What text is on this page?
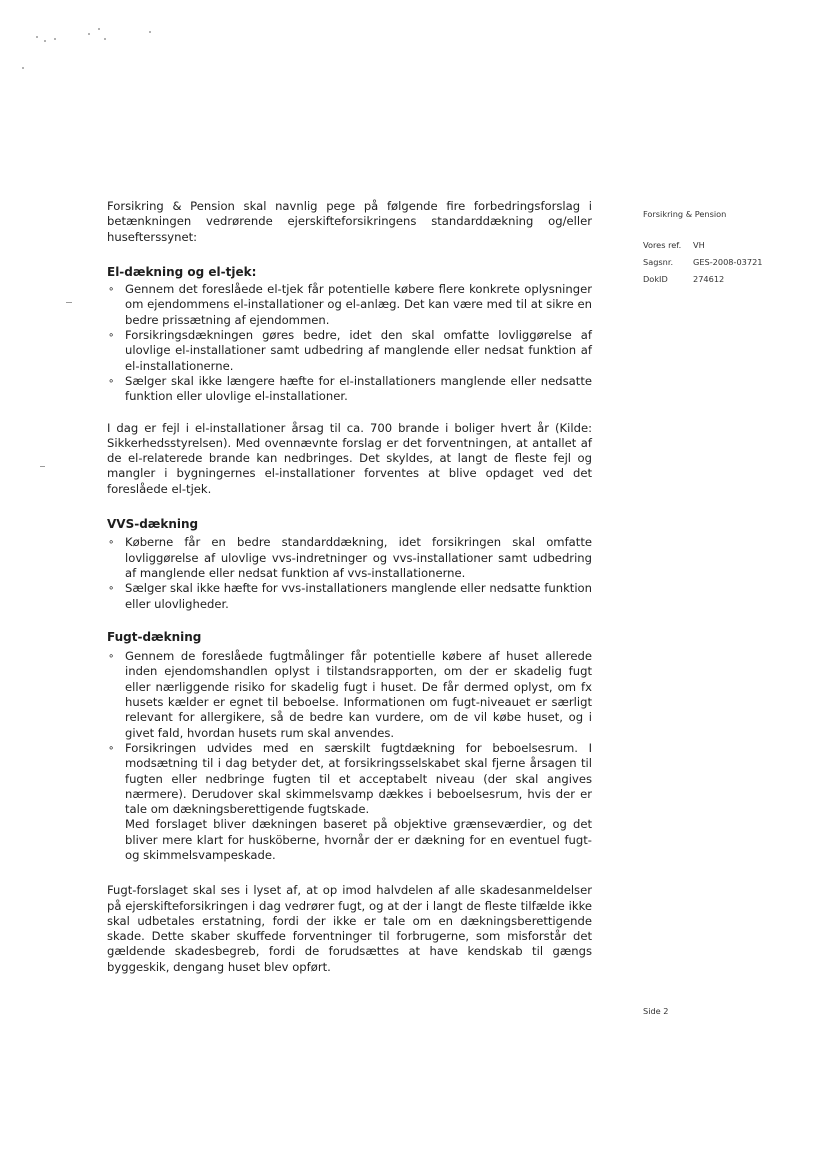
Forsikring & Pension
Vores ref. VH
Sagsnr. GES-2008-03721
DokID	274612
Side 2

Forsikring & Pension skal navnlig pege på følgende fire forbedringsforslag i betænkningen vedrørende ejerskifteforsikringens standarddækning og/eller husefterssynet:

El-dækning og el-tjek:

∘ Gennem det foreslåede el-tjek får potentielle købere flere konkrete oplysninger om ejendommens el-installationer og el-anlæg. Det kan være med til at sikre en bedre prissætning af ejendommen.
∘ Forsikringsdækningen gøres bedre, idet den skal omfatte lovliggørelse af ulovlige el-installationer samt udbedring af manglende eller nedsat funktion af el-installationerne.
∘ Sælger skal ikke længere hæfte for el-installationers manglende eller nedsatte funktion eller ulovlige el-installationer.

I dag er fejl i el-installationer årsag til ca. 700 brande i boliger hvert år (Kilde: Sikkerhedsstyrelsen). Med ovennævnte forslag er det forventningen, at antallet af de el-relaterede brande kan nedbringes. Det skyldes, at langt de fleste fejl og mangler i bygningernes el-installationer forventes at blive opdaget ved det foreslåede el-tjek.

VVS-dækning

∘ Køberne får en bedre standarddækning, idet forsikringen skal omfatte lovliggørelse af ulovlige vvs-indretninger og vvs-installationer samt udbedring af manglende eller nedsat funktion af vvs-installationerne.
∘ Sælger skal ikke hæfte for vvs-installationers manglende eller nedsatte funktion eller ulovligheder.

Fugt-dækning

∘ Gennem de foreslåede fugtmålinger får potentielle købere af huset allerede inden ejendomshandlen oplyst i tilstandsrapporten, om der er skadelig fugt eller nærliggende risiko for skadelig fugt i huset. De får dermed oplyst, om fx husets kælder er egnet til beboelse. Informationen om fugt-niveauet er særligt relevant for allergikere, så de bedre kan vurdere, om de vil købe huset, og i givet fald, hvordan husets rum skal anvendes.
∘ Forsikringen udvides med en særskilt fugtdækning for beboelsesrum. I modsætning til i dag betyder det, at forsikringsselskabet skal fjerne årsagen til fugten eller nedbringe fugten til et acceptabelt niveau (der skal angives nærmere). Derudover skal skimmelsvamp dækkes i beboelsesrum, hvis der er tale om dækningsberettigende fugtskade.
Med forslaget bliver dækningen baseret på objektive grænseværdier, og det bliver mere klart for husköberne, hvornår der er dækning for en eventuel fugt- og skimmelsvampeskade.

Fugt-forslaget skal ses i lyset af, at op imod halvdelen af alle skadesanmeldelser på ejerskifteforsikringen i dag vedrører fugt, og at der i langt de fleste tilfælde ikke skal udbetales erstatning, fordi der ikke er tale om en dækningsberettigende skade. Dette skaber skuffede forventninger til forbrugerne, som misforstår det gældende skadesbegreb, fordi de forudsættes at have kendskab til gængs byggeskik, dengang huset blev opført.
